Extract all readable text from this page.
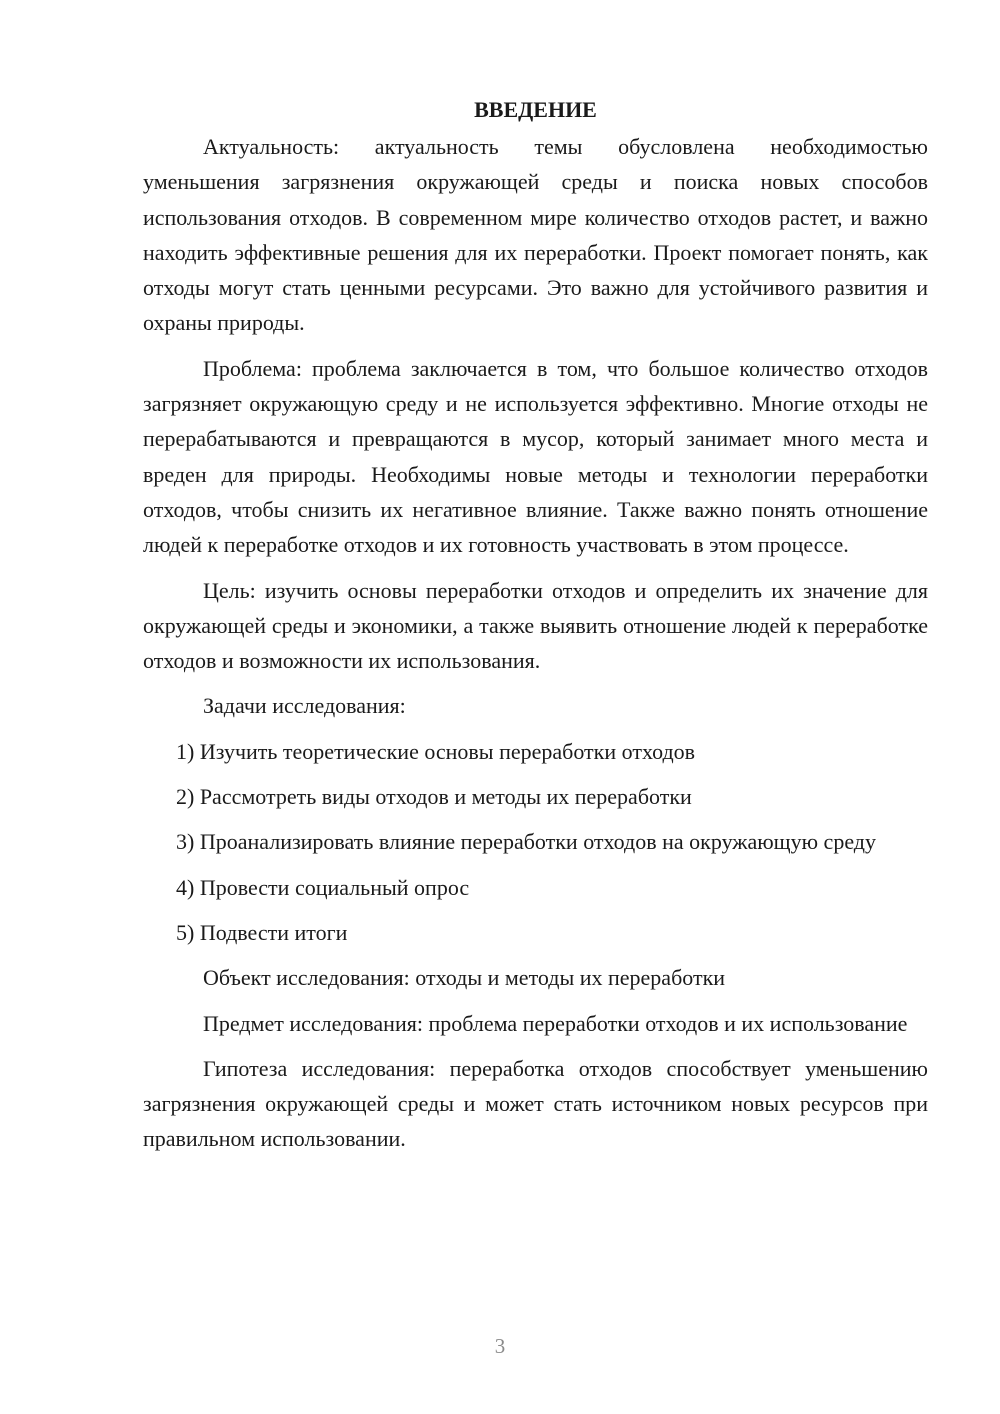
ВВЕДЕНИЕ

Актуальность: актуальность темы обусловлена необходимостью уменьшения загрязнения окружающей среды и поиска новых способов использования отходов. В современном мире количество отходов растет, и важно находить эффективные решения для их переработки. Проект помогает понять, как отходы могут стать ценными ресурсами. Это важно для устойчивого развития и охраны природы.

Проблема: проблема заключается в том, что большое количество отходов загрязняет окружающую среду и не используется эффективно. Многие отходы не перерабатываются и превращаются в мусор, который занимает много места и вреден для природы. Необходимы новые методы и технологии переработки отходов, чтобы снизить их негативное влияние. Также важно понять отношение людей к переработке отходов и их готовность участвовать в этом процессе.

Цель: изучить основы переработки отходов и определить их значение для окружающей среды и экономики, а также выявить отношение людей к переработке отходов и возможности их использования.

Задачи исследования:

1) Изучить теоретические основы переработки отходов

2) Рассмотреть виды отходов и методы их переработки

3) Проанализировать влияние переработки отходов на окружающую среду

4) Провести социальный опрос

5) Подвести итоги

Объект исследования: отходы и методы их переработки

Предмет исследования: проблема переработки отходов и их использование

Гипотеза исследования: переработка отходов способствует уменьшению загрязнения окружающей среды и может стать источником новых ресурсов при правильном использовании.

3
